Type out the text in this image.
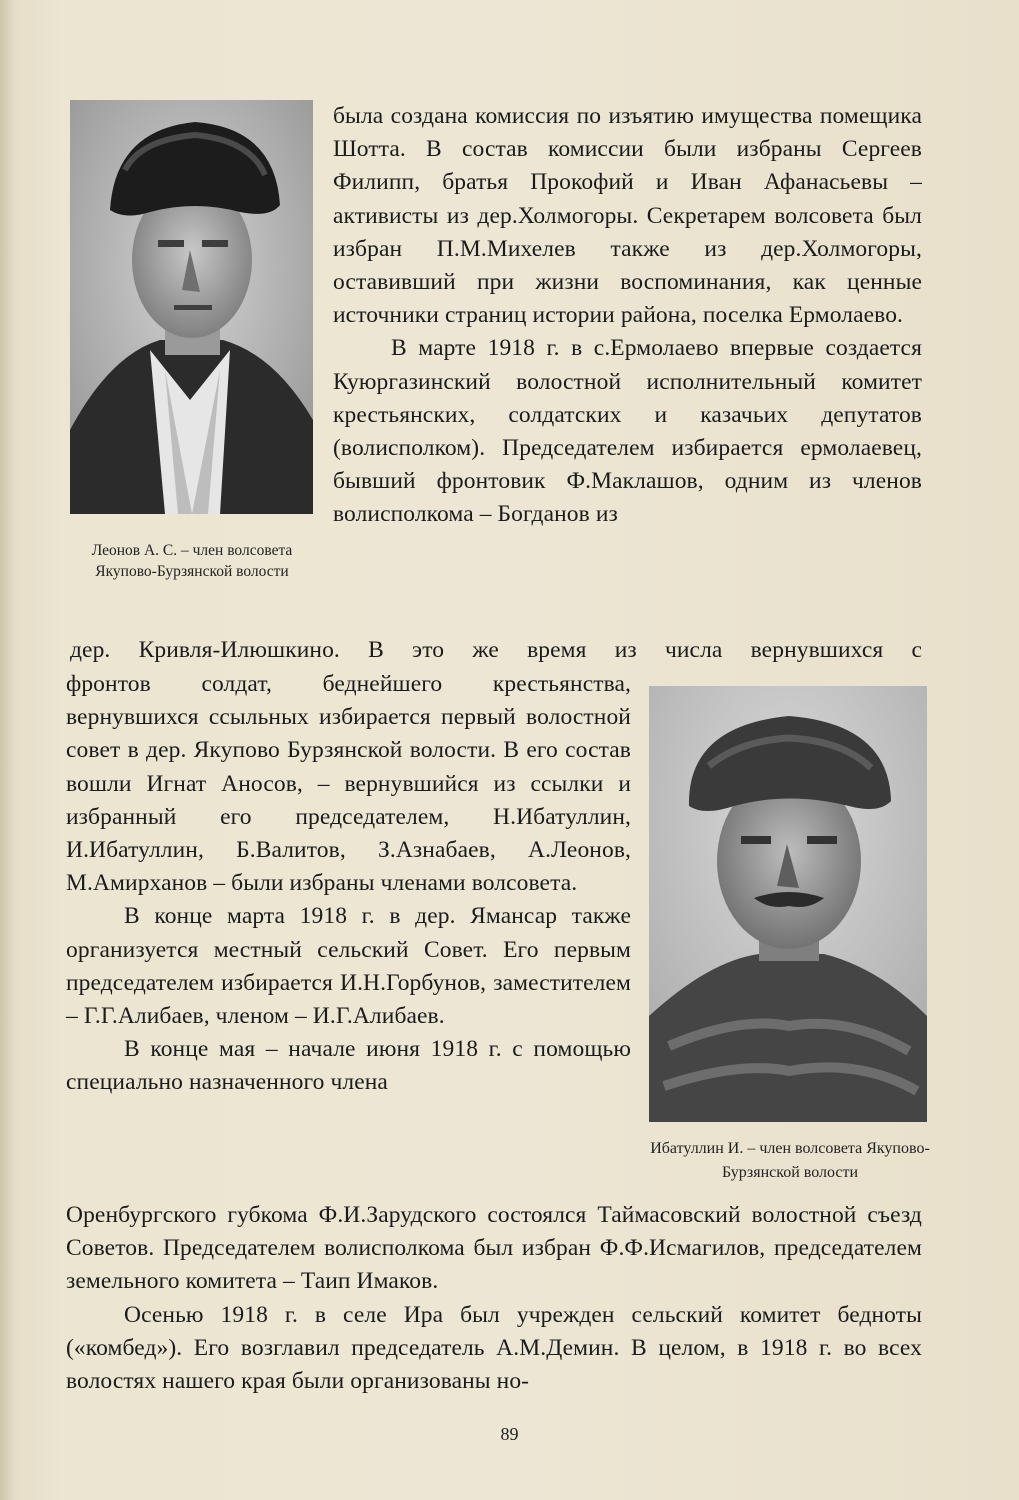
Леонов А. С. – член волсовета Якупово-Бурзянской волости

была создана комиссия по изъятию имущества помещика Шотта. В состав комиссии были избраны Сергеев Филипп, братья Прокофий и Иван Афанасьевы – активисты из дер.Холмогоры. Секретарем волсовета был избран П.М.Михелев также из дер.Холмогоры, оставивший при жизни воспоминания, как ценные источники страниц истории района, поселка Ермолаево.

В марте 1918 г. в с.Ермолаево впервые создается Куюргазинский волостной исполнительный комитет крестьянских, солдатских и казачьих депутатов (волисполком). Председателем избирается ермолаевец, бывший фронтовик Ф.Маклашов, одним из членов волисполкома – Богданов из

дер. Кривля-Илюшкино. В это же время из числа вернувшихся с

Ибатуллин И. – член волсовета Якупово-Бурзянской волости

фронтов солдат, беднейшего крестьянства, вернувшихся ссыльных избирается первый волостной совет в дер. Якупово Бурзянской волости. В его состав вошли Игнат Аносов, – вернувшийся из ссылки и избранный его председателем, Н.Ибатуллин, И.Ибатуллин, Б.Валитов, З.Азнабаев, А.Леонов, М.Амирханов – были избраны членами волсовета.

В конце марта 1918 г. в дер. Ямансар также организуется местный сельский Совет. Его первым председателем избирается И.Н.Горбунов, заместителем – Г.Г.Алибаев, членом – И.Г.Алибаев.

В конце мая – начале июня 1918 г. с помощью специально назначенного члена

Оренбургского губкома Ф.И.Зарудского состоялся Таймасовский волостной съезд Советов. Председателем волисполкома был избран Ф.Ф.Исмагилов, председателем земельного комитета – Таип Имаков.

Осенью 1918 г. в селе Ира был учрежден сельский комитет бедноты («комбед»). Его возглавил председатель А.М.Демин. В целом, в 1918 г. во всех волостях нашего края были организованы но-

89
